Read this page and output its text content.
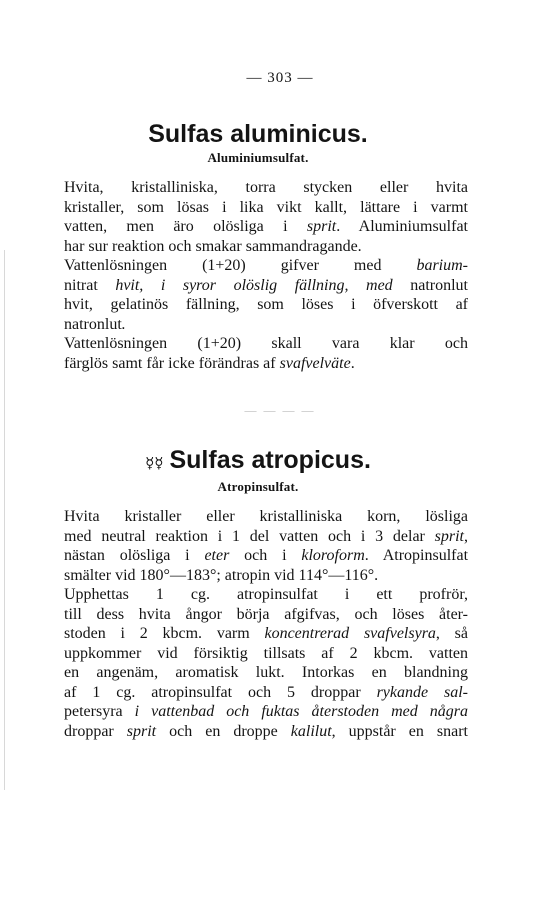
— 303 —
Sulfas aluminicus.
Aluminiumsulfat.
Hvita, kristalliniska, torra stycken eller hvita
kristaller, som lösas i lika vikt kallt, lättare i varmt
vatten, men äro olösliga i sprit. Aluminiumsulfat
har sur reaktion och smakar sammandragande.
Vattenlösningen (1+20) gifver med barium-
nitrat hvit, i syror olöslig fällning, med natronlut
hvit, gelatinös fällning, som löses i öfverskott af
natronlut.
Vattenlösningen (1+20) skall vara klar och
färglös samt får icke förändras af svafvelväte.
— — — —
☿☿ Sulfas atropicus.
Atropinsulfat.
Hvita kristaller eller kristalliniska korn, lösliga
med neutral reaktion i 1 del vatten och i 3 delar sprit,
nästan olösliga i eter och i kloroform. Atropinsulfat
smälter vid 180°—183°; atropin vid 114°—116°.
Upphettas 1 cg. atropinsulfat i ett profrör,
till dess hvita ångor börja afgifvas, och löses åter-
stoden i 2 kbcm. varm koncentrerad svafvelsyra, så
uppkommer vid försiktig tillsats af 2 kbcm. vatten
en angenäm, aromatisk lukt. Intorkas en blandning
af 1 cg. atropinsulfat och 5 droppar rykande sal-
petersyra i vattenbad och fuktas återstoden med några
droppar sprit och en droppe kalilut, uppstår en snart
